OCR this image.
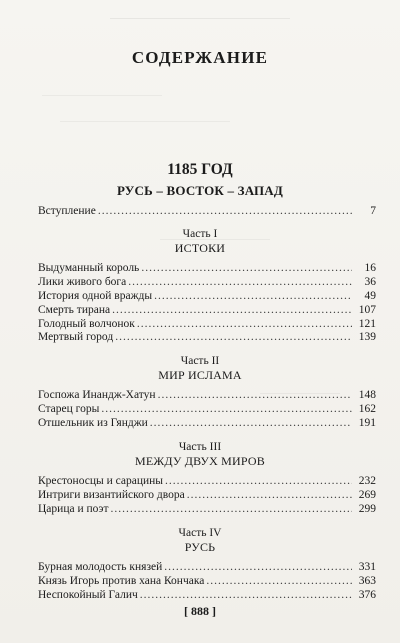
СОДЕРЖАНИЕ
1185 ГОД
РУСЬ – ВОСТОК – ЗАПАД
Вступление .....	7
Часть I
ИСТОКИ
Выдуманный король .....	16
Лики живого бога .....	36
История одной вражды .....	49
Смерть тирана .....	107
Голодный волчонок .....	121
Мертвый город .....	139
Часть II
МИР ИСЛАМА
Госпожа Инандж-Хатун .....	148
Старец горы .....	162
Отшельник из Гянджи .....	191
Часть III
МЕЖДУ ДВУХ МИРОВ
Крестоносцы и сарацины .....	232
Интриги византийского двора .....	269
Царица и поэт .....	299
Часть IV
РУСЬ
Бурная молодость князей .....	331
Князь Игорь против хана Кончака .....	363
Неспокойный Галич .....	376
[ 888 ]
